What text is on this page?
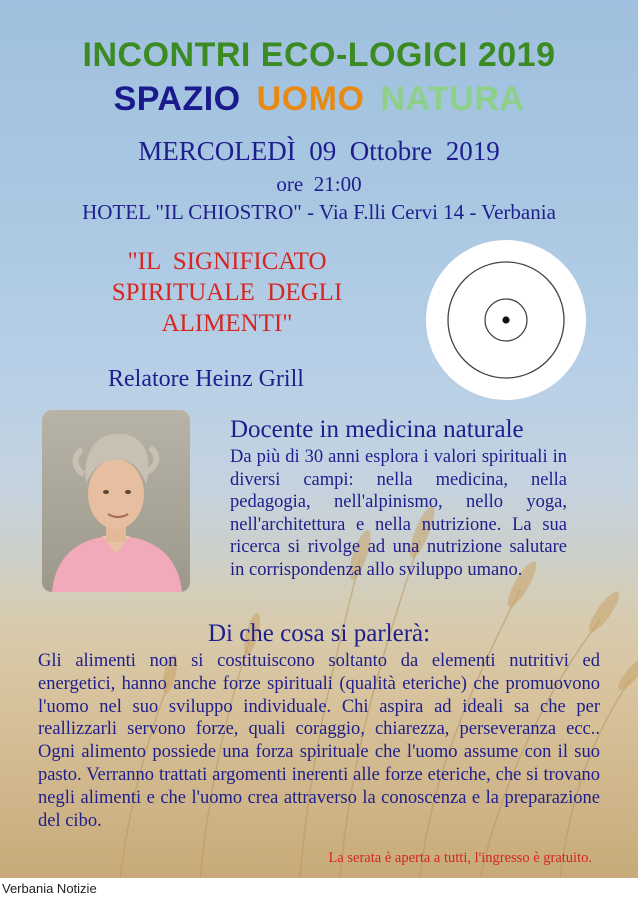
INCONTRI ECO-LOGICI 2019
SPAZIO UOMO NATURA
MERCOLEDÌ  09  Ottobre  2019
ore  21:00
HOTEL "IL CHIOSTRO" - Via F.lli Cervi 14 - Verbania
"IL  SIGNIFICATO
SPIRITUALE  DEGLI
ALIMENTI"
Relatore Heinz Grill
Docente in medicina naturale
Da più di 30 anni esplora i valori spirituali in diversi campi: nella medicina, nella pedagogia, nell'alpinismo, nello yoga, nell'architettura e nella nutrizione. La sua ricerca si rivolge ad una nutrizione salutare in corrispondenza allo sviluppo umano.
Di che cosa si parlerà:
Gli alimenti non si costituiscono soltanto da elementi nutritivi ed energetici, hanno anche forze spirituali (qualità eteriche) che promuovono l'uomo nel suo sviluppo individuale. Chi aspira ad ideali sa che per reallizzarli servono forze, quali coraggio, chiarezza, perseveranza ecc.. Ogni alimento possiede una forza spirituale che l'uomo assume con il suo pasto. Verranno trattati argomenti inerenti alle forze eteriche, che si trovano negli alimenti e che l'uomo crea attraverso la conoscenza e la preparazione del cibo.
La serata è aperta a tutti, l'ingresso è gratuito.
Verbania Notizie
